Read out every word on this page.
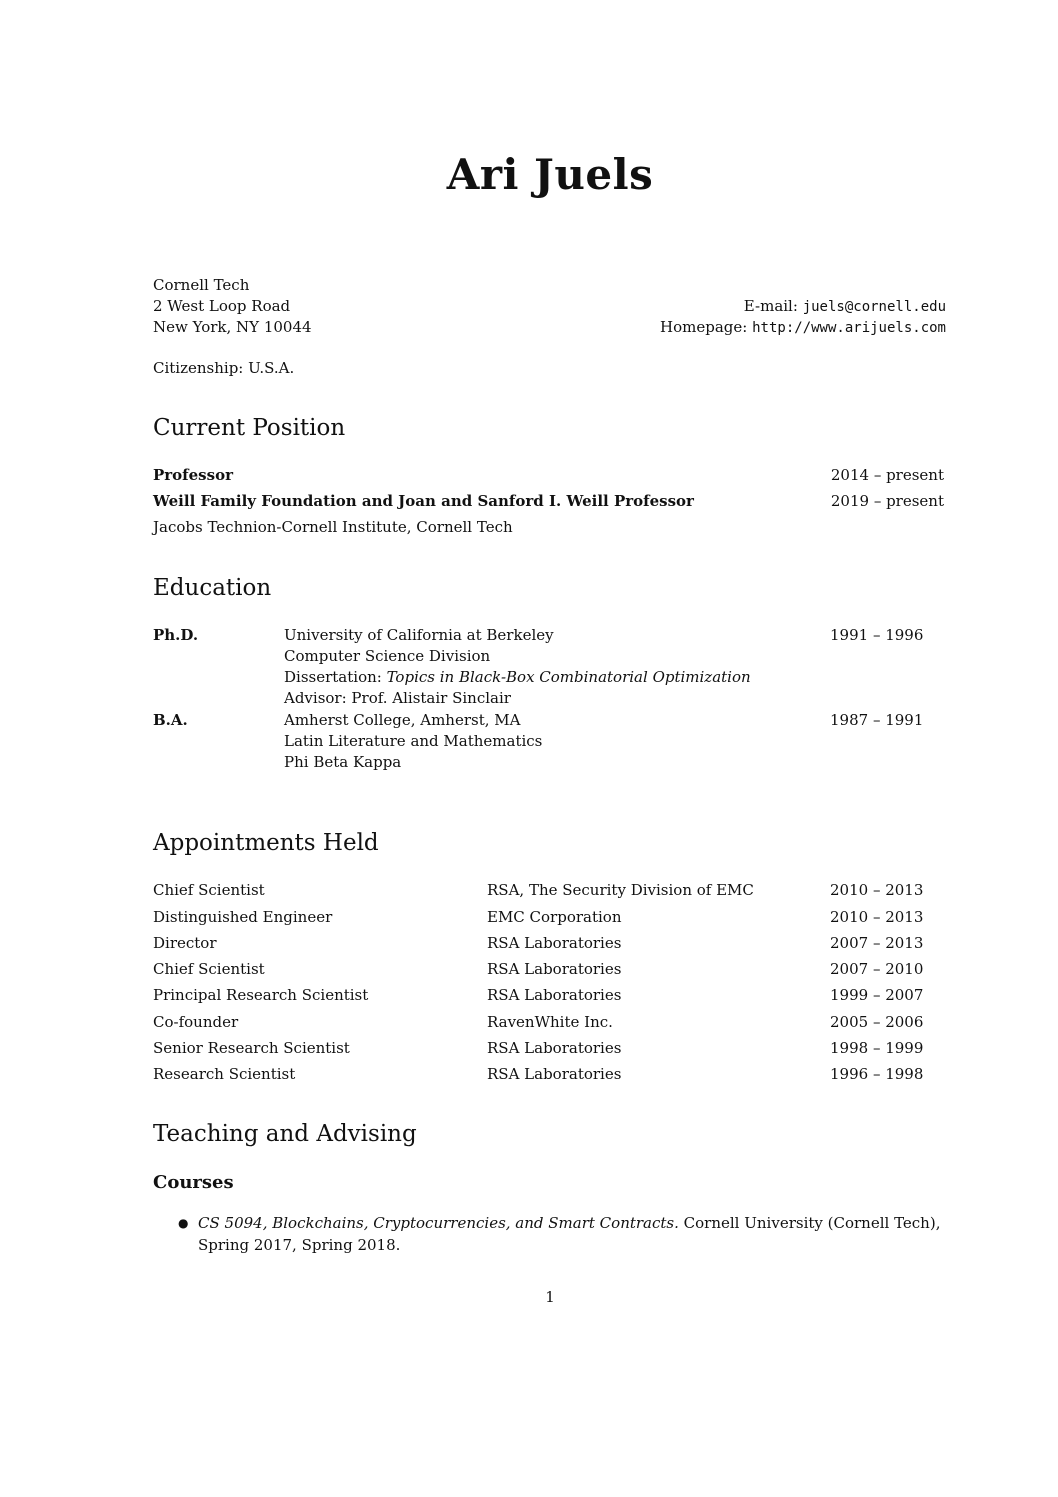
Ari Juels
Cornell Tech
2 West Loop Road
New York, NY 10044
E-mail: juels@cornell.edu
Homepage: http://www.arijuels.com
Citizenship: U.S.A.
Current Position
Professor	2014 – present
Weill Family Foundation and Joan and Sanford I. Weill Professor	2019 – present
Jacobs Technion-Cornell Institute, Cornell Tech
Education
Ph.D.	University of California at Berkeley	1991 – 1996
Computer Science Division
Dissertation: Topics in Black-Box Combinatorial Optimization
Advisor: Prof. Alistair Sinclair
B.A.	Amherst College, Amherst, MA	1987 – 1991
Latin Literature and Mathematics
Phi Beta Kappa
Appointments Held
Chief Scientist	RSA, The Security Division of EMC	2010 – 2013
Distinguished Engineer	EMC Corporation	2010 – 2013
Director	RSA Laboratories	2007 – 2013
Chief Scientist	RSA Laboratories	2007 – 2010
Principal Research Scientist	RSA Laboratories	1999 – 2007
Co-founder	RavenWhite Inc.	2005 – 2006
Senior Research Scientist	RSA Laboratories	1998 – 1999
Research Scientist	RSA Laboratories	1996 – 1998
Teaching and Advising
Courses
● CS 5094, Blockchains, Cryptocurrencies, and Smart Contracts. Cornell University (Cornell Tech),
Spring 2017, Spring 2018.
1
